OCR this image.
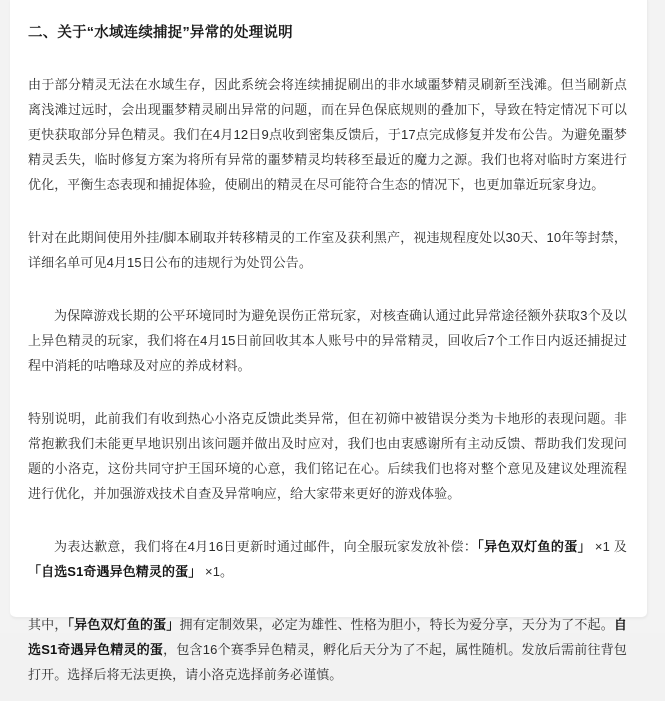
二、关于“水域连续捕捉”异常的处理说明

由于部分精灵无法在水域生存，因此系统会将连续捕捉刷出的非水域噩梦精灵刷新至浅滩。但当刷新点离浅滩过远时，会出现噩梦精灵刷出异常的问题，而在异色保底规则的叠加下，导致在特定情况下可以更快获取部分异色精灵。我们在4月12日9点收到密集反馈后，于17点完成修复并发布公告。为避免噩梦精灵丢失，临时修复方案为将所有异常的噩梦精灵均转移至最近的魔力之源。我们也将对临时方案进行优化，平衡生态表现和捕捉体验，使刷出的精灵在尽可能符合生态的情况下，也更加靠近玩家身边。

针对在此期间使用外挂/脚本刷取并转移精灵的工作室及获利黑产，视违规程度处以30天、10年等封禁，详细名单可见4月15日公布的违规行为处罚公告。

为保障游戏长期的公平环境同时为避免误伤正常玩家，对核查确认通过此异常途径额外获取3个及以上异色精灵的玩家，我们将在4月15日前回收其本人账号中的异常精灵，回收后7个工作日内返还捕捉过程中消耗的咕噜球及对应的养成材料。

特别说明，此前我们有收到热心小洛克反馈此类异常，但在初筛中被错误分类为卡地形的表现问题。非常抱歉我们未能更早地识别出该问题并做出及时应对，我们也由衷感谢所有主动反馈、帮助我们发现问题的小洛克，这份共同守护王国环境的心意，我们铭记在心。后续我们也将对整个意见及建议处理流程进行优化，并加强游戏技术自查及异常响应，给大家带来更好的游戏体验。

为表达歉意，我们将在4月16日更新时通过邮件，向全服玩家发放补偿：「异色双灯鱼的蛋」 ×1 及「自选S1奇遇异色精灵的蛋」 ×1。

其中，「异色双灯鱼的蛋」拥有定制效果，必定为雄性、性格为胆小，特长为爱分享，天分为了不起。自选S1奇遇异色精灵的蛋，包含16个赛季异色精灵，孵化后天分为了不起，属性随机。发放后需前往背包打开。选择后将无法更换，请小洛克选择前务必谨慎。
